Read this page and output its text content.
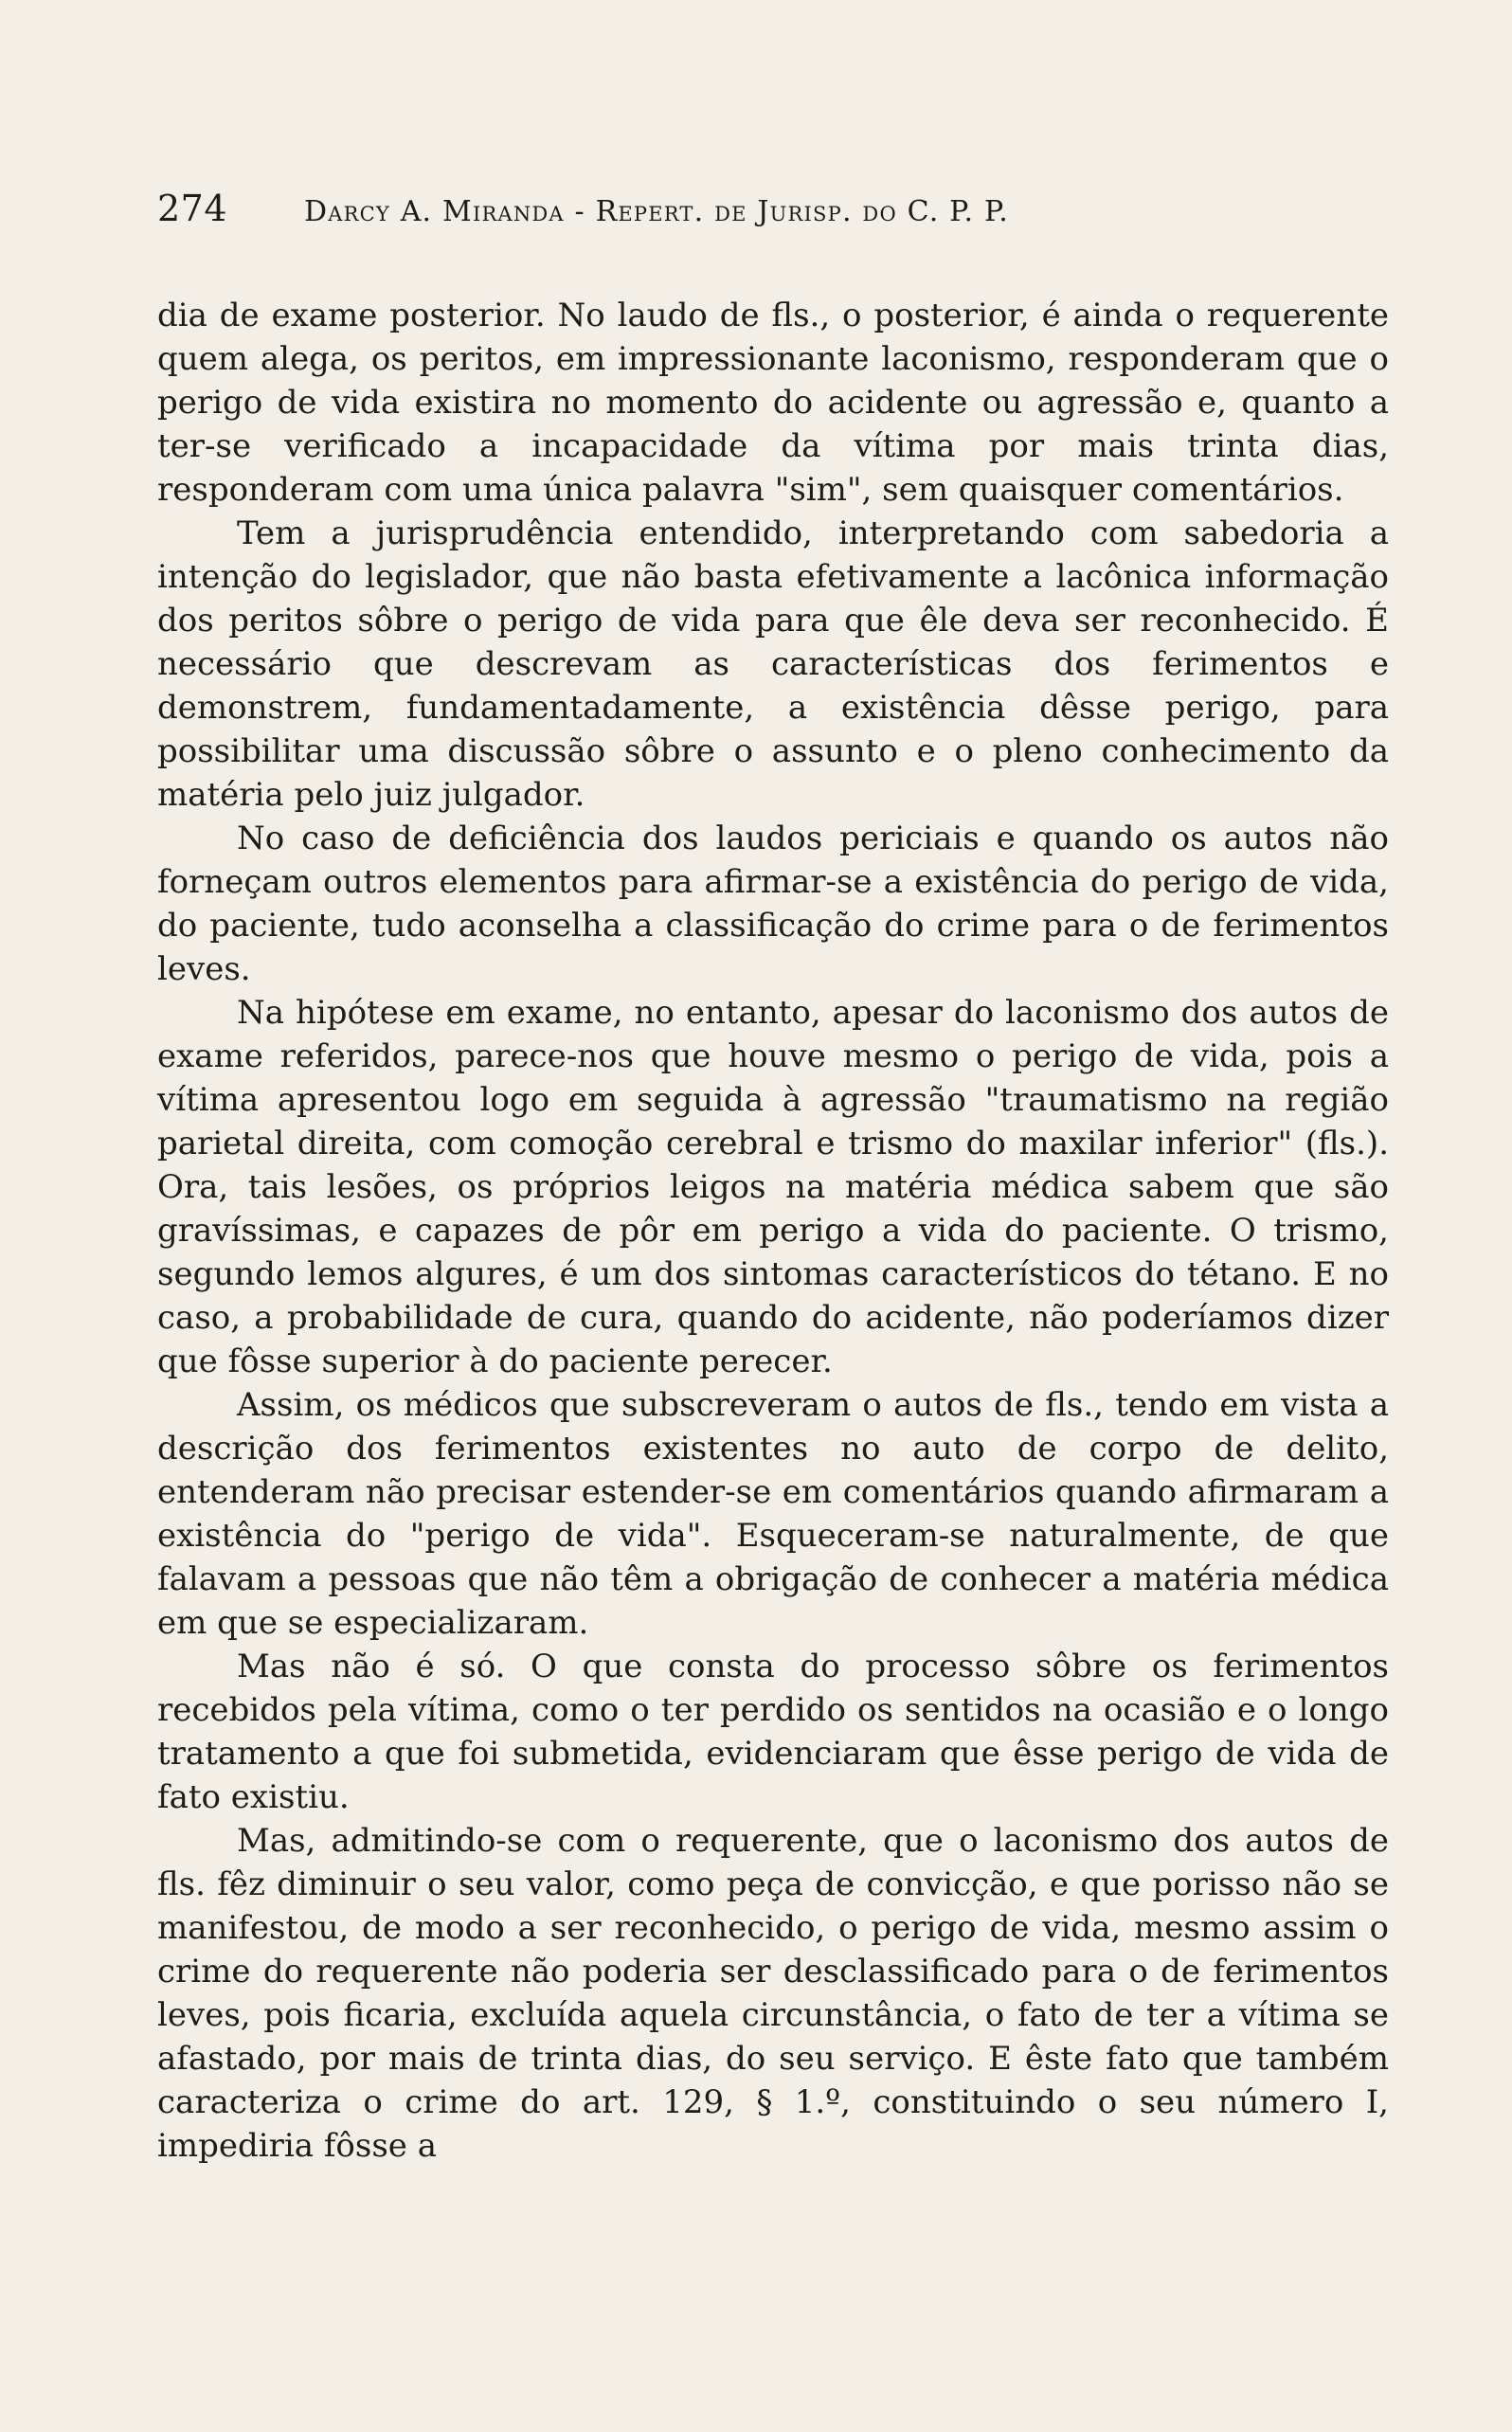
274	Darcy A. Miranda - Repert. de Jurisp. do C. P. P.

dia de exame posterior. No laudo de fls., o posterior, é ainda o requerente quem alega, os peritos, em impressionante laconismo, responderam que o perigo de vida existira no momento do acidente ou agressão e, quanto a ter-se verificado a incapacidade da vítima por mais trinta dias, responderam com uma única palavra "sim", sem quaisquer comentários.

Tem a jurisprudência entendido, interpretando com sabedoria a intenção do legislador, que não basta efetivamente a lacônica informação dos peritos sôbre o perigo de vida para que êle deva ser reconhecido. É necessário que descrevam as características dos ferimentos e demonstrem, fundamentadamente, a existência dêsse perigo, para possibilitar uma discussão sôbre o assunto e o pleno conhecimento da matéria pelo juiz julgador.

No caso de deficiência dos laudos periciais e quando os autos não forneçam outros elementos para afirmar-se a existência do perigo de vida, do paciente, tudo aconselha a classificação do crime para o de ferimentos leves.

Na hipótese em exame, no entanto, apesar do laconismo dos autos de exame referidos, parece-nos que houve mesmo o perigo de vida, pois a vítima apresentou logo em seguida à agressão "traumatismo na região parietal direita, com comoção cerebral e trismo do maxilar inferior" (fls.). Ora, tais lesões, os próprios leigos na matéria médica sabem que são gravíssimas, e capazes de pôr em perigo a vida do paciente. O trismo, segundo lemos algures, é um dos sintomas característicos do tétano. E no caso, a probabilidade de cura, quando do acidente, não poderíamos dizer que fôsse superior à do paciente perecer.

Assim, os médicos que subscreveram o autos de fls., tendo em vista a descrição dos ferimentos existentes no auto de corpo de delito, entenderam não precisar estender-se em comentários quando afirmaram a existência do "perigo de vida". Esqueceram-se naturalmente, de que falavam a pessoas que não têm a obrigação de conhecer a matéria médica em que se especializaram.

Mas não é só. O que consta do processo sôbre os ferimentos recebidos pela vítima, como o ter perdido os sentidos na ocasião e o longo tratamento a que foi submetida, evidenciaram que êsse perigo de vida de fato existiu.

Mas, admitindo-se com o requerente, que o laconismo dos autos de fls. fêz diminuir o seu valor, como peça de convicção, e que porisso não se manifestou, de modo a ser reconhecido, o perigo de vida, mesmo assim o crime do requerente não poderia ser desclassificado para o de ferimentos leves, pois ficaria, excluída aquela circunstância, o fato de ter a vítima se afastado, por mais de trinta dias, do seu serviço. E êste fato que também caracteriza o crime do art. 129, § 1.º, constituindo o seu número I, impediria fôsse a
